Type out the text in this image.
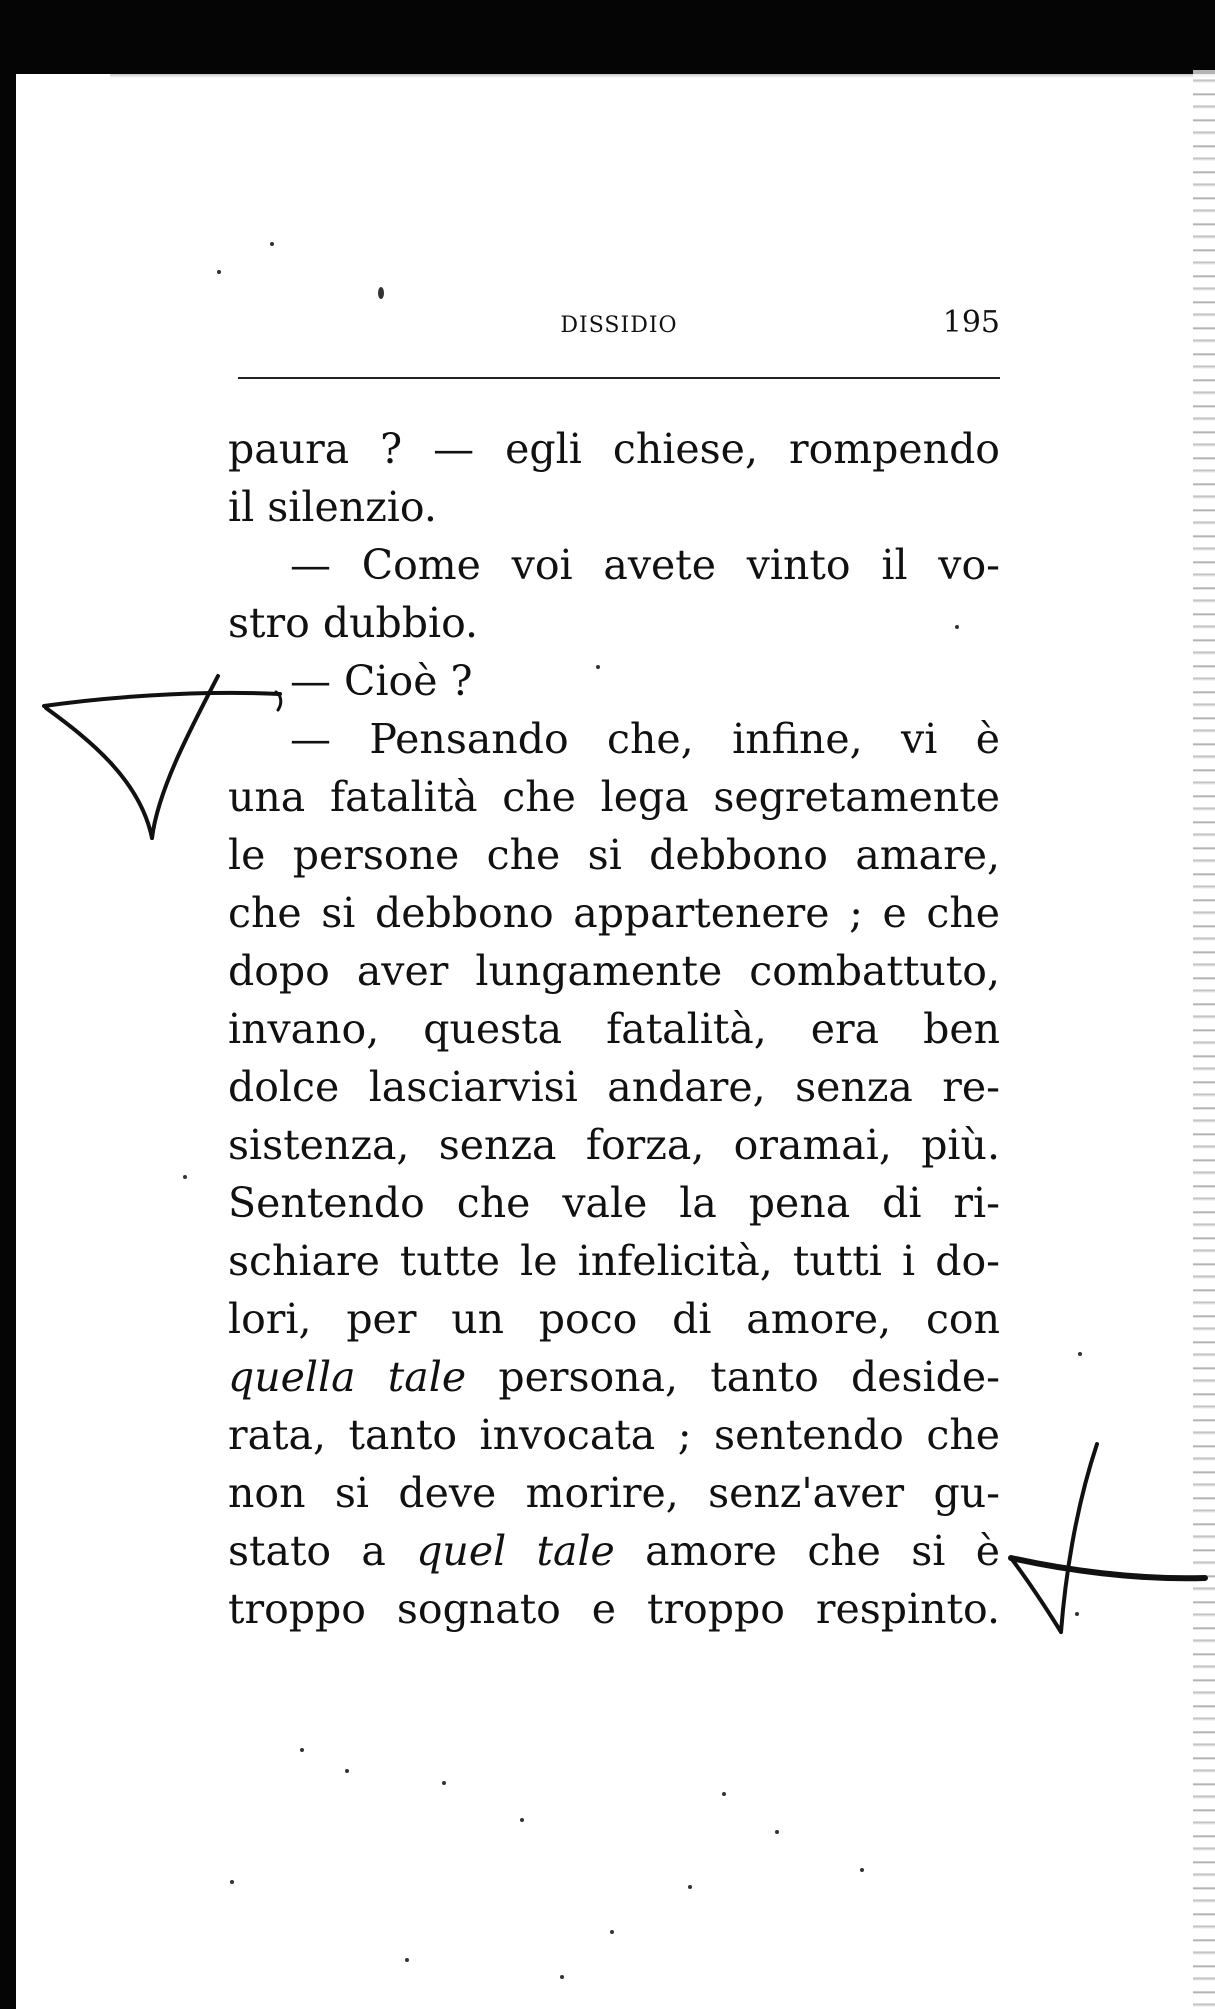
DISSIDIO	195
paura ? — egli chiese, rompendo
il silenzio.
— Come voi avete vinto il vo-
stro dubbio.
— Cioè ?
— Pensando che, infine, vi è
una fatalità che lega segretamente
le persone che si debbono amare,
che si debbono appartenere ; e che
dopo aver lungamente combattuto,
invano, questa fatalità, era ben
dolce lasciarvisi andare, senza re-
sistenza, senza forza, oramai, più.
Sentendo che vale la pena di ri-
schiare tutte le infelicità, tutti i do-
lori, per un poco di amore, con
quella tale persona, tanto deside-
rata, tanto invocata ; sentendo che
non si deve morire, senz'aver gu-
stato a quel tale amore che si è
troppo sognato e troppo respinto.
